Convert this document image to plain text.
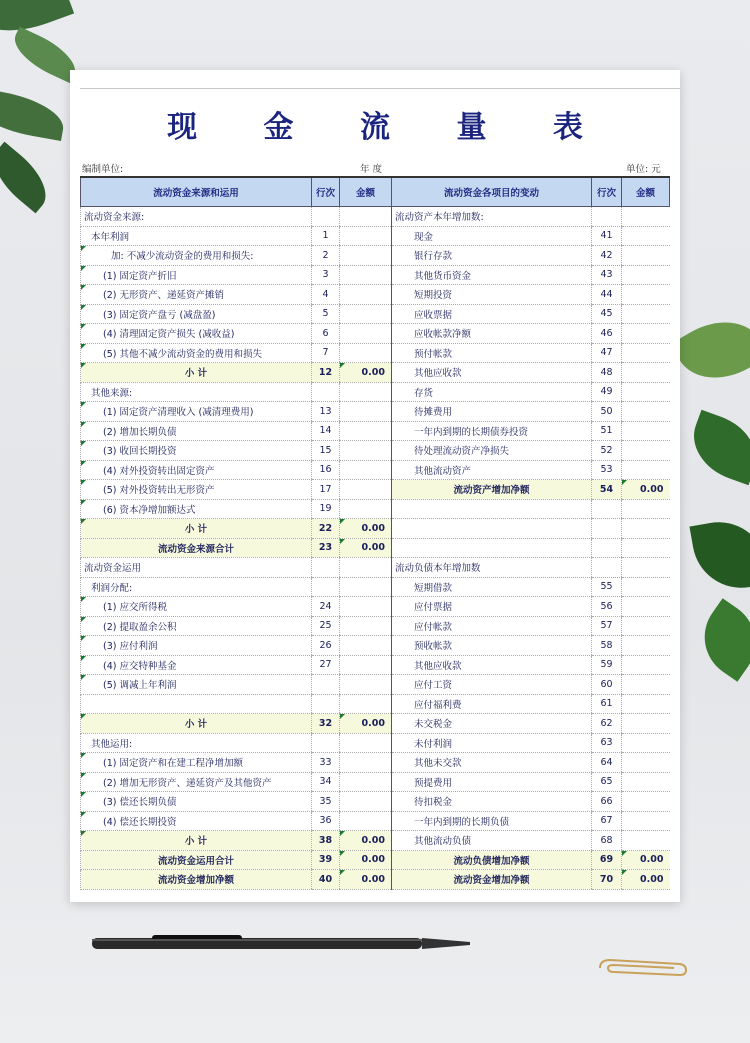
现 金 流 量 表
编制单位:	年 度	单位: 元
流动资金来源和运用	行次	金额	流动资金各项目的变动	行次	金额
流动资金来源:			流动资产本年增加数:		
本年利润	1		现金	41	
加: 不减少流动资金的费用和损失:	2		银行存款	42	
(1) 固定资产折旧	3		其他货币资金	43	
(2) 无形资产、递延资产摊销	4		短期投资	44	
(3) 固定资产盘亏 (减盘盈)	5		应收票据	45	
(4) 清理固定资产损失 (减收益)	6		应收帐款净额	46	
(5) 其他不减少流动资金的费用和损失	7		预付帐款	47	
小 计	12	0.00	其他应收款	48	
其他来源:			存货	49	
(1) 固定资产清理收入 (减清理费用)	13		待摊费用	50	
(2) 增加长期负债	14		一年内到期的长期债券投资	51	
(3) 收回长期投资	15		待处理流动资产净损失	52	
(4) 对外投资转出固定资产	16		其他流动资产	53	
(5) 对外投资转出无形资产	17		流动资产增加净额	54	0.00
(6) 资本净增加额达式	19				
小 计	22	0.00			
流动资金来源合计	23	0.00			
流动资金运用			流动负债本年增加数		
利润分配:			短期借款	55	
(1) 应交所得税	24		应付票据	56	
(2) 提取盈余公积	25		应付帐款	57	
(3) 应付利润	26		预收帐款	58	
(4) 应交特种基金	27		其他应收款	59	
(5) 调减上年利润			应付工资	60	
			应付福利费	61	
小 计	32	0.00	未交税金	62	
其他运用:			未付利润	63	
(1) 固定资产和在建工程净增加额	33		其他未交款	64	
(2) 增加无形资产、递延资产及其他资产	34		预提费用	65	
(3) 偿还长期负债	35		待扣税金	66	
(4) 偿还长期投资	36		一年内到期的长期负债	67	
小 计	38	0.00	其他流动负债	68	
流动资金运用合计	39	0.00	流动负债增加净额	69	0.00
流动资金增加净额	40	0.00	流动资金增加净额	70	0.00
